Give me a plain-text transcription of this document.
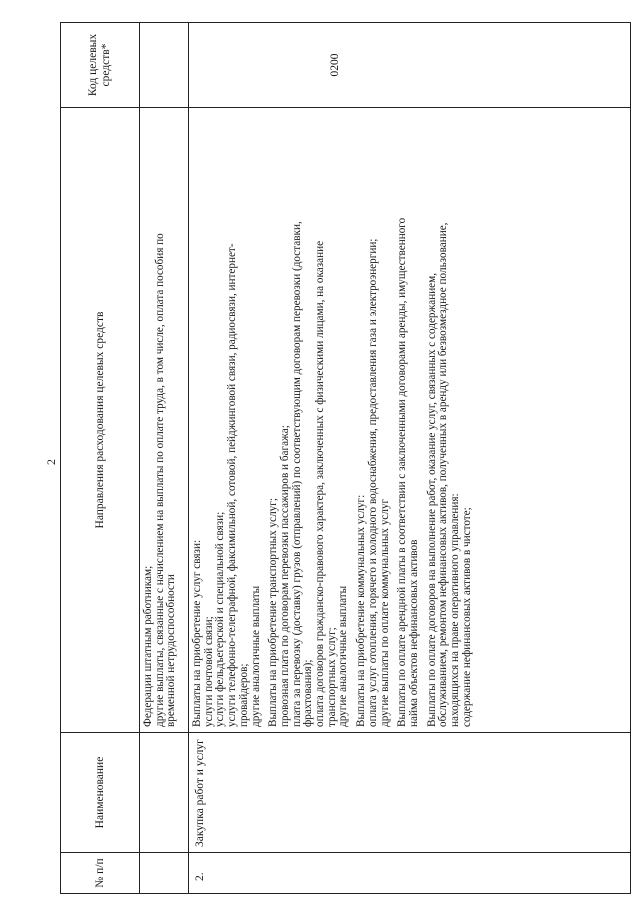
2
№ п/п
Наименование
Направления расходования целевых средств
Код целевых средств*
Федерации штатным работникам; другие выплаты, связанные с начислением на выплаты по оплате труда, в том числе, оплата пособия по временной нетрудоспособности
2.
Закупка работ и услуг
Выплаты на приобретение услуг связи: услуги почтовой связи; услуги фельдъегерской и специальной связи; услуги телефонно-телеграфной, факсимильной, сотовой, пейджинговой связи, радиосвязи, интернет- провайдеров; другие аналогичные выплаты Выплаты на приобретение транспортных услуг; провозная плата по договорам перевозки пассажиров и багажа; плата за перевозку (доставку) грузов (отправлений) по соответствующим договорам перевозки (доставки, фрахтования); оплата договоров гражданско-правового характера, заключенных с физическими лицами, на оказание транспортных услуг; другие аналогичные выплаты Выплаты на приобретение коммунальных услуг: оплата услуг отопления, горячего и холодного водоснабжения, предоставления газа и электроэнергии; другие выплаты по оплате коммунальных услуг Выплаты по оплате арендной платы в соответствии с заключенными договорами аренды, имущественного найма объектов нефинансовых активов Выплаты по оплате договоров на выполнение работ, оказание услуг, связанных с содержанием, обслуживанием, ремонтом нефинансовых активов, полученных в аренду или безвозмездное пользование, находящихся на праве оперативного управления: содержание нефинансовых активов в чистоте;
0200
